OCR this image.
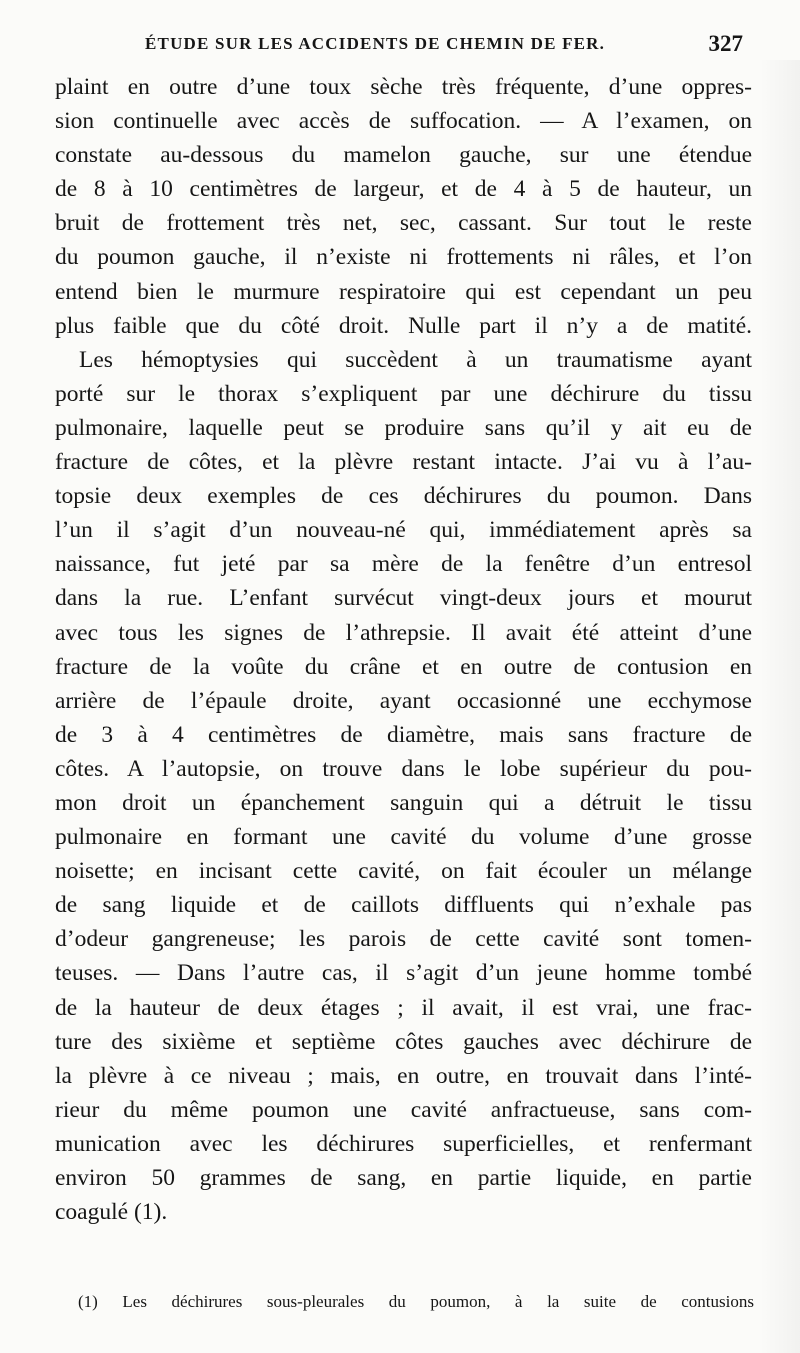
ÉTUDE SUR LES ACCIDENTS DE CHEMIN DE FER.	327
plaint en outre d’une toux sèche très fréquente, d’une oppres-
sion continuelle avec accès de suffocation. — A l’examen, on
constate au-dessous du mamelon gauche, sur une étendue
de 8 à 10 centimètres de largeur, et de 4 à 5 de hauteur, un
bruit de frottement très net, sec, cassant. Sur tout le reste
du poumon gauche, il n’existe ni frottements ni râles, et l’on
entend bien le murmure respiratoire qui est cependant un peu
plus faible que du côté droit. Nulle part il n’y a de matité.
Les hémoptysies qui succèdent à un traumatisme ayant
porté sur le thorax s’expliquent par une déchirure du tissu
pulmonaire, laquelle peut se produire sans qu’il y ait eu de
fracture de côtes, et la plèvre restant intacte. J’ai vu à l’au-
topsie deux exemples de ces déchirures du poumon. Dans
l’un il s’agit d’un nouveau-né qui, immédiatement après sa
naissance, fut jeté par sa mère de la fenêtre d’un entresol
dans la rue. L’enfant survécut vingt-deux jours et mourut
avec tous les signes de l’athrepsie. Il avait été atteint d’une
fracture de la voûte du crâne et en outre de contusion en
arrière de l’épaule droite, ayant occasionné une ecchymose
de 3 à 4 centimètres de diamètre, mais sans fracture de
côtes. A l’autopsie, on trouve dans le lobe supérieur du pou-
mon droit un épanchement sanguin qui a détruit le tissu
pulmonaire en formant une cavité du volume d’une grosse
noisette; en incisant cette cavité, on fait écouler un mélange
de sang liquide et de caillots diffluents qui n’exhale pas
d’odeur gangreneuse; les parois de cette cavité sont tomen-
teuses. — Dans l’autre cas, il s’agit d’un jeune homme tombé
de la hauteur de deux étages ; il avait, il est vrai, une frac-
ture des sixième et septième côtes gauches avec déchirure de
la plèvre à ce niveau ; mais, en outre, en trouvait dans l’inté-
rieur du même poumon une cavité anfractueuse, sans com-
munication avec les déchirures superficielles, et renfermant
environ 50 grammes de sang, en partie liquide, en partie
coagulé (1).
(1) Les déchirures sous-pleurales du poumon, à la suite de contusions
